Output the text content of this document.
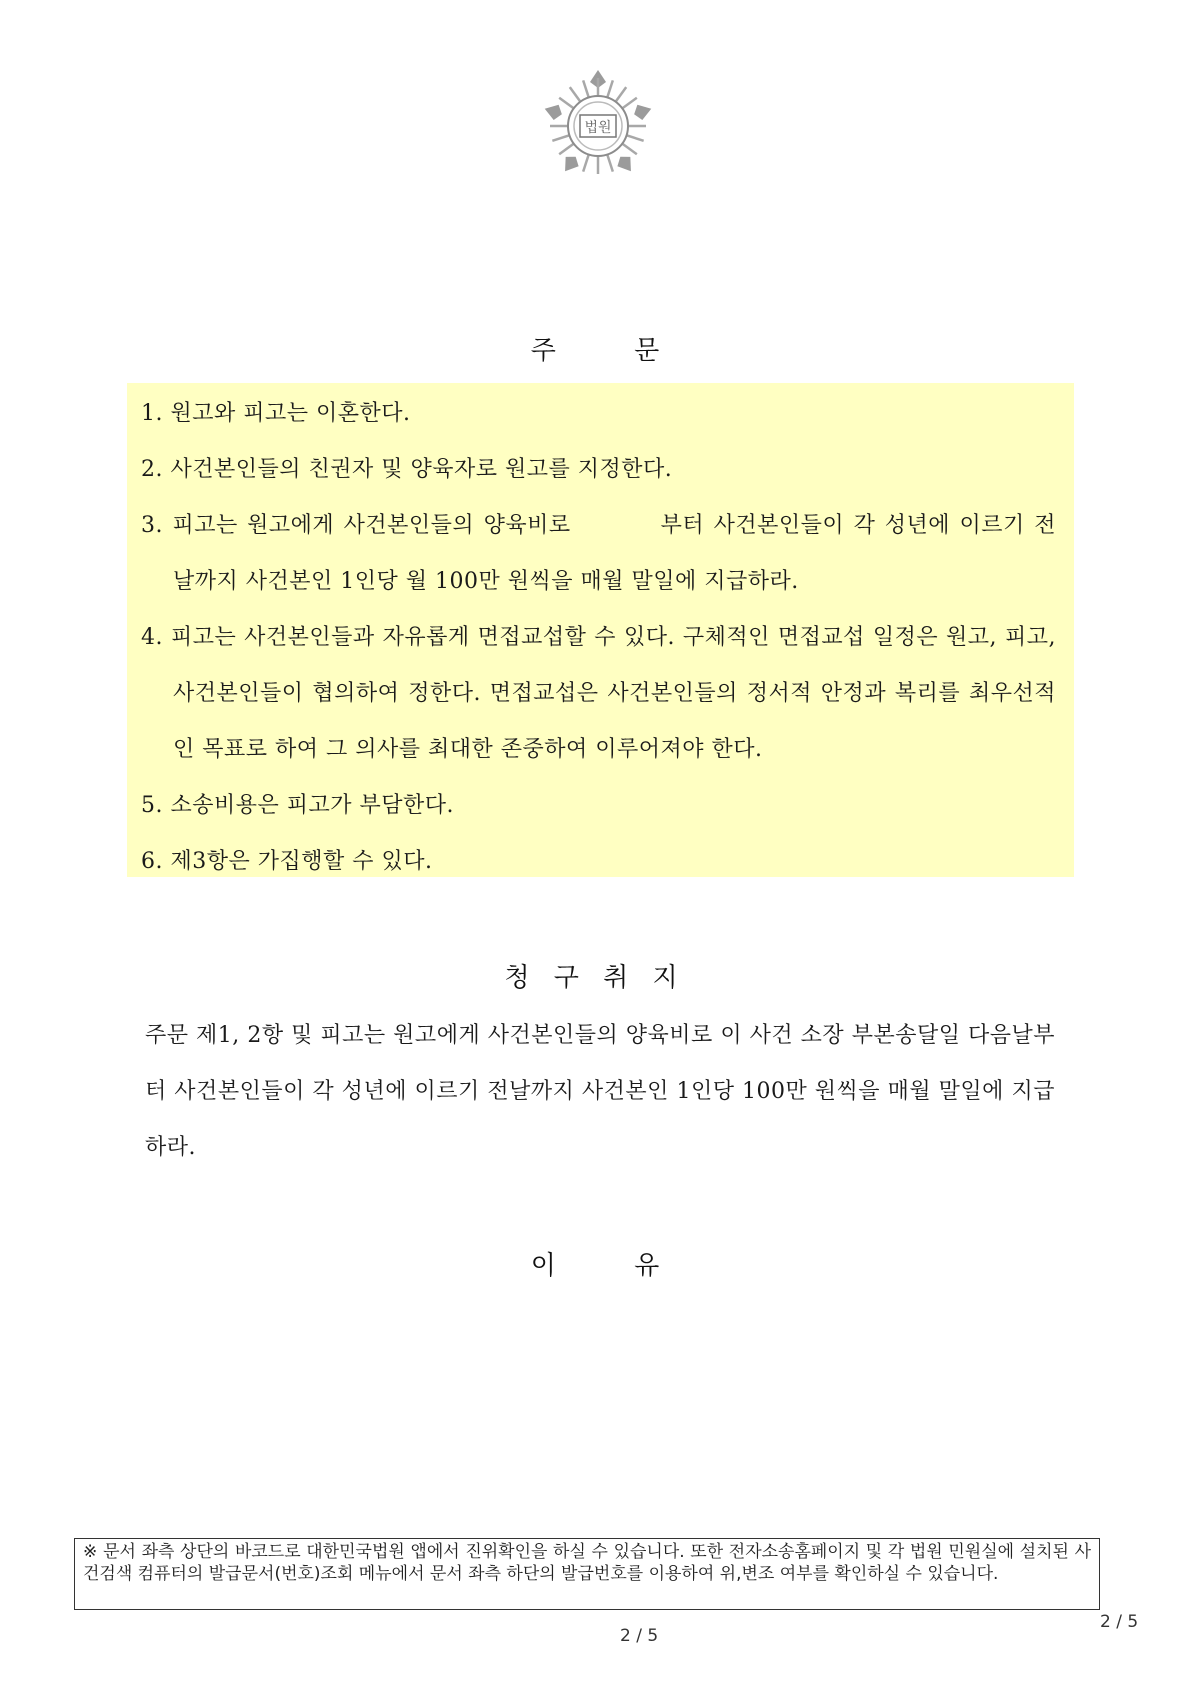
법원
주 문
1. 원고와 피고는 이혼한다.
2. 사건본인들의 친권자 및 양육자로 원고를 지정한다.
3. 피고는 원고에게 사건본인들의 양육비로	부터 사건본인들이 각 성년에 이르기 전날까지 사건본인 1인당 월 100만 원씩을 매월 말일에 지급하라.
4. 피고는 사건본인들과 자유롭게 면접교섭할 수 있다. 구체적인 면접교섭 일정은 원고, 피고, 사건본인들이 협의하여 정한다. 면접교섭은 사건본인들의 정서적 안정과 복리를 최우선적인 목표로 하여 그 의사를 최대한 존중하여 이루어져야 한다.
5. 소송비용은 피고가 부담한다.
6. 제3항은 가집행할 수 있다.
청 구 취 지

주문 제1, 2항 및 피고는 원고에게 사건본인들의 양육비로 이 사건 소장 부본송달일 다음날부터 사건본인들이 각 성년에 이르기 전날까지 사건본인 1인당 100만 원씩을 매월 말일에 지급하라.

이 유

※ 문서 좌측 상단의 바코드로 대한민국법원 앱에서 진위확인을 하실 수 있습니다. 또한 전자소송홈페이지 및 각 법원 민원실에 설치된 사건검색 컴퓨터의 발급문서(번호)조회 메뉴에서 문서 좌측 하단의 발급번호를 이용하여 위,변조 여부를 확인하실 수 있습니다.

2 / 5
2 / 5
